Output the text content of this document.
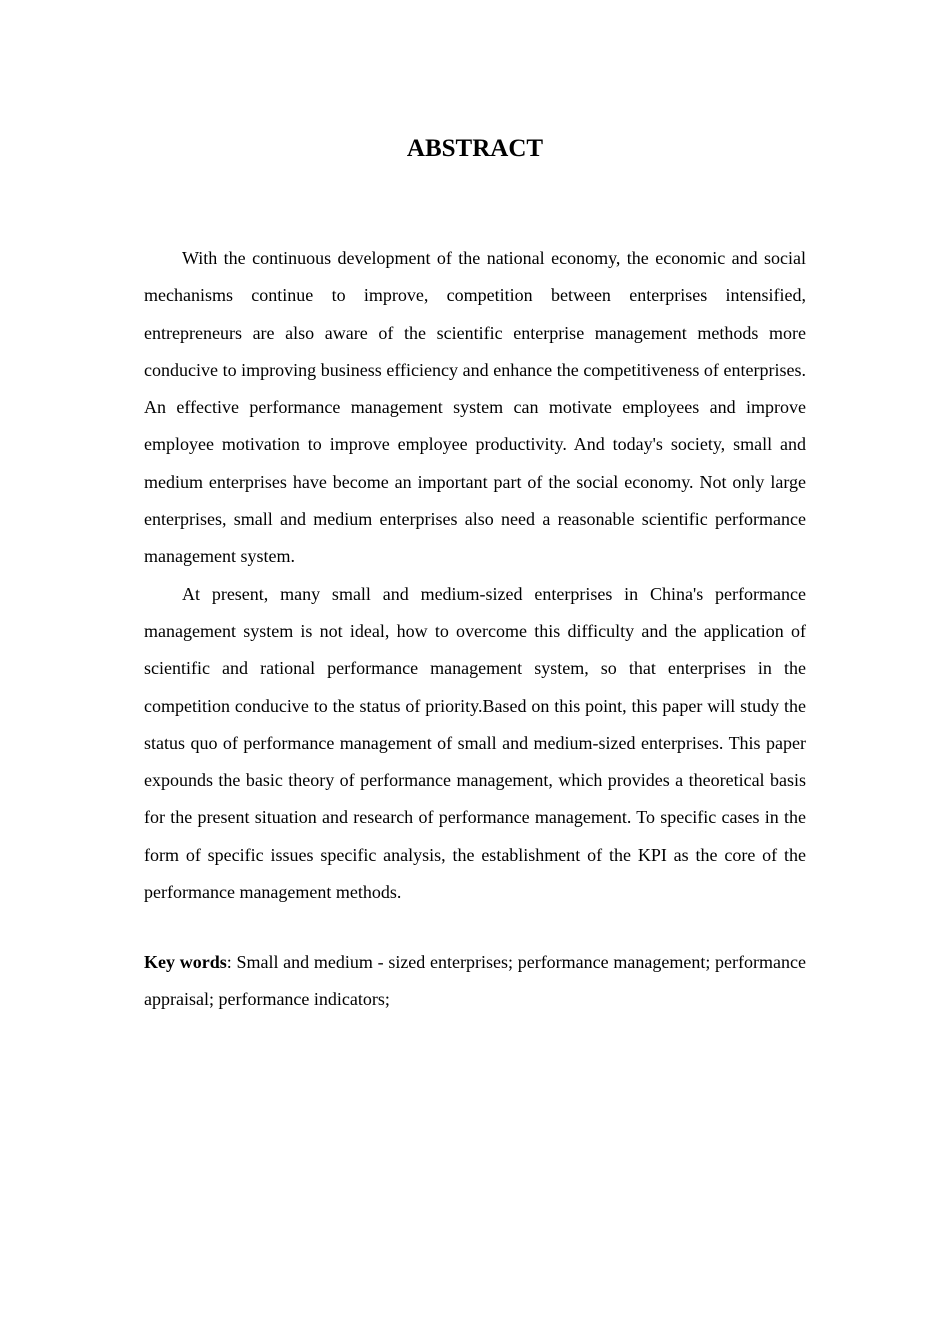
ABSTRACT

With the continuous development of the national economy, the economic and social mechanisms continue to improve, competition between enterprises intensified, entrepreneurs are also aware of the scientific enterprise management methods more conducive to improving business efficiency and enhance the competitiveness of enterprises. An effective performance management system can motivate employees and improve employee motivation to improve employee productivity. And today's society, small and medium enterprises have become an important part of the social economy. Not only large enterprises, small and medium enterprises also need a reasonable scientific performance management system.

At present, many small and medium-sized enterprises in China's performance management system is not ideal, how to overcome this difficulty and the application of scientific and rational performance management system, so that enterprises in the competition conducive to the status of priority.Based on this point, this paper will study the status quo of performance management of small and medium-sized enterprises. This paper expounds the basic theory of performance management, which provides a theoretical basis for the present situation and research of performance management. To specific cases in the form of specific issues specific analysis, the establishment of the KPI as the core of the performance management methods.

Key words: Small and medium - sized enterprises; performance management; performance appraisal; performance indicators;
